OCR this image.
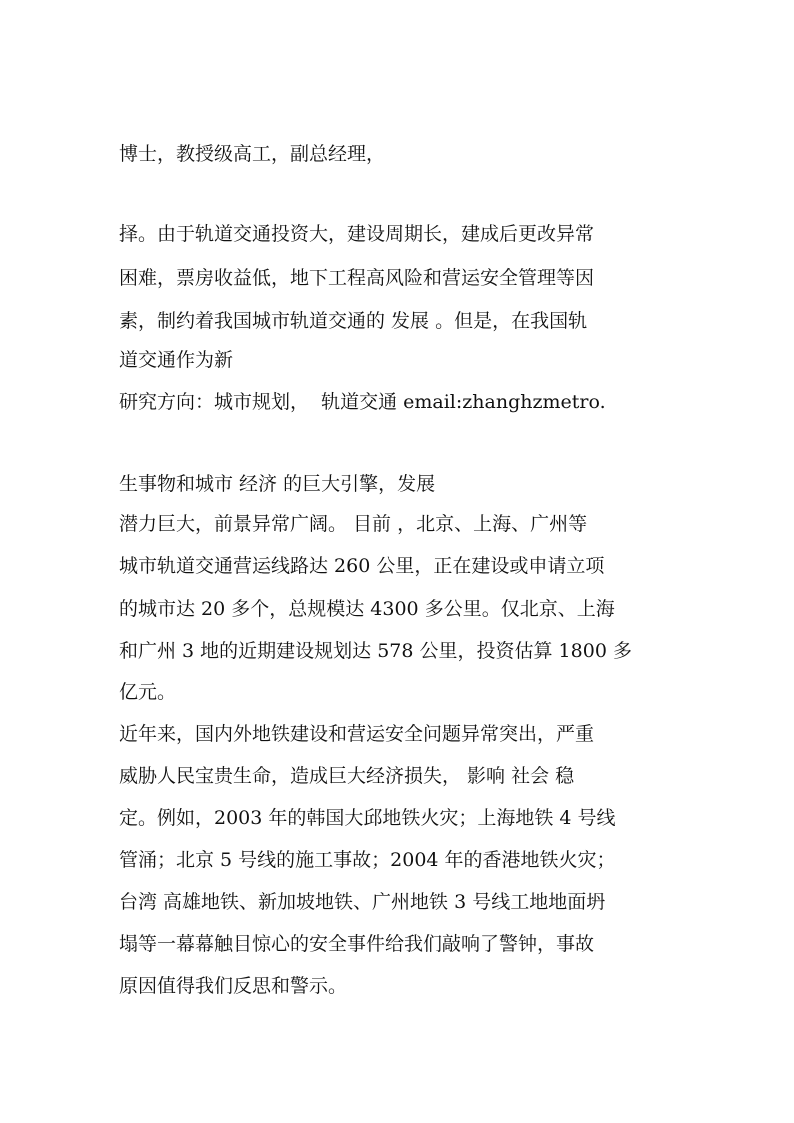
博士，教授级高工，副总经理，
择。由于轨道交通投资大，建设周期长，建成后更改异常
困难，票房收益低，地下工程高风险和营运安全管理等因
素，制约着我国城市轨道交通的 发展 。但是，在我国轨
道交通作为新
研究方向：城市规划，  轨道交通 email:zhanghzmetro.
生事物和城市 经济 的巨大引擎，发展
潜力巨大，前景异常广阔。 目前 ，北京、上海、广州等
城市轨道交通营运线路达 260 公里，正在建设或申请立项
的城市达 20 多个，总规模达 4300 多公里。仅北京、上海
和广州 3 地的近期建设规划达 578 公里，投资估算 1800 多
亿元。
近年来，国内外地铁建设和营运安全问题异常突出，严重
威胁人民宝贵生命，造成巨大经济损失， 影响 社会 稳
定。例如，2003 年的韩国大邱地铁火灾；上海地铁 4 号线
管涌；北京 5 号线的施工事故；2004 年的香港地铁火灾；
台湾 高雄地铁、新加坡地铁、广州地铁 3 号线工地地面坍
塌等一幕幕触目惊心的安全事件给我们敲响了警钟，事故
原因值得我们反思和警示。
